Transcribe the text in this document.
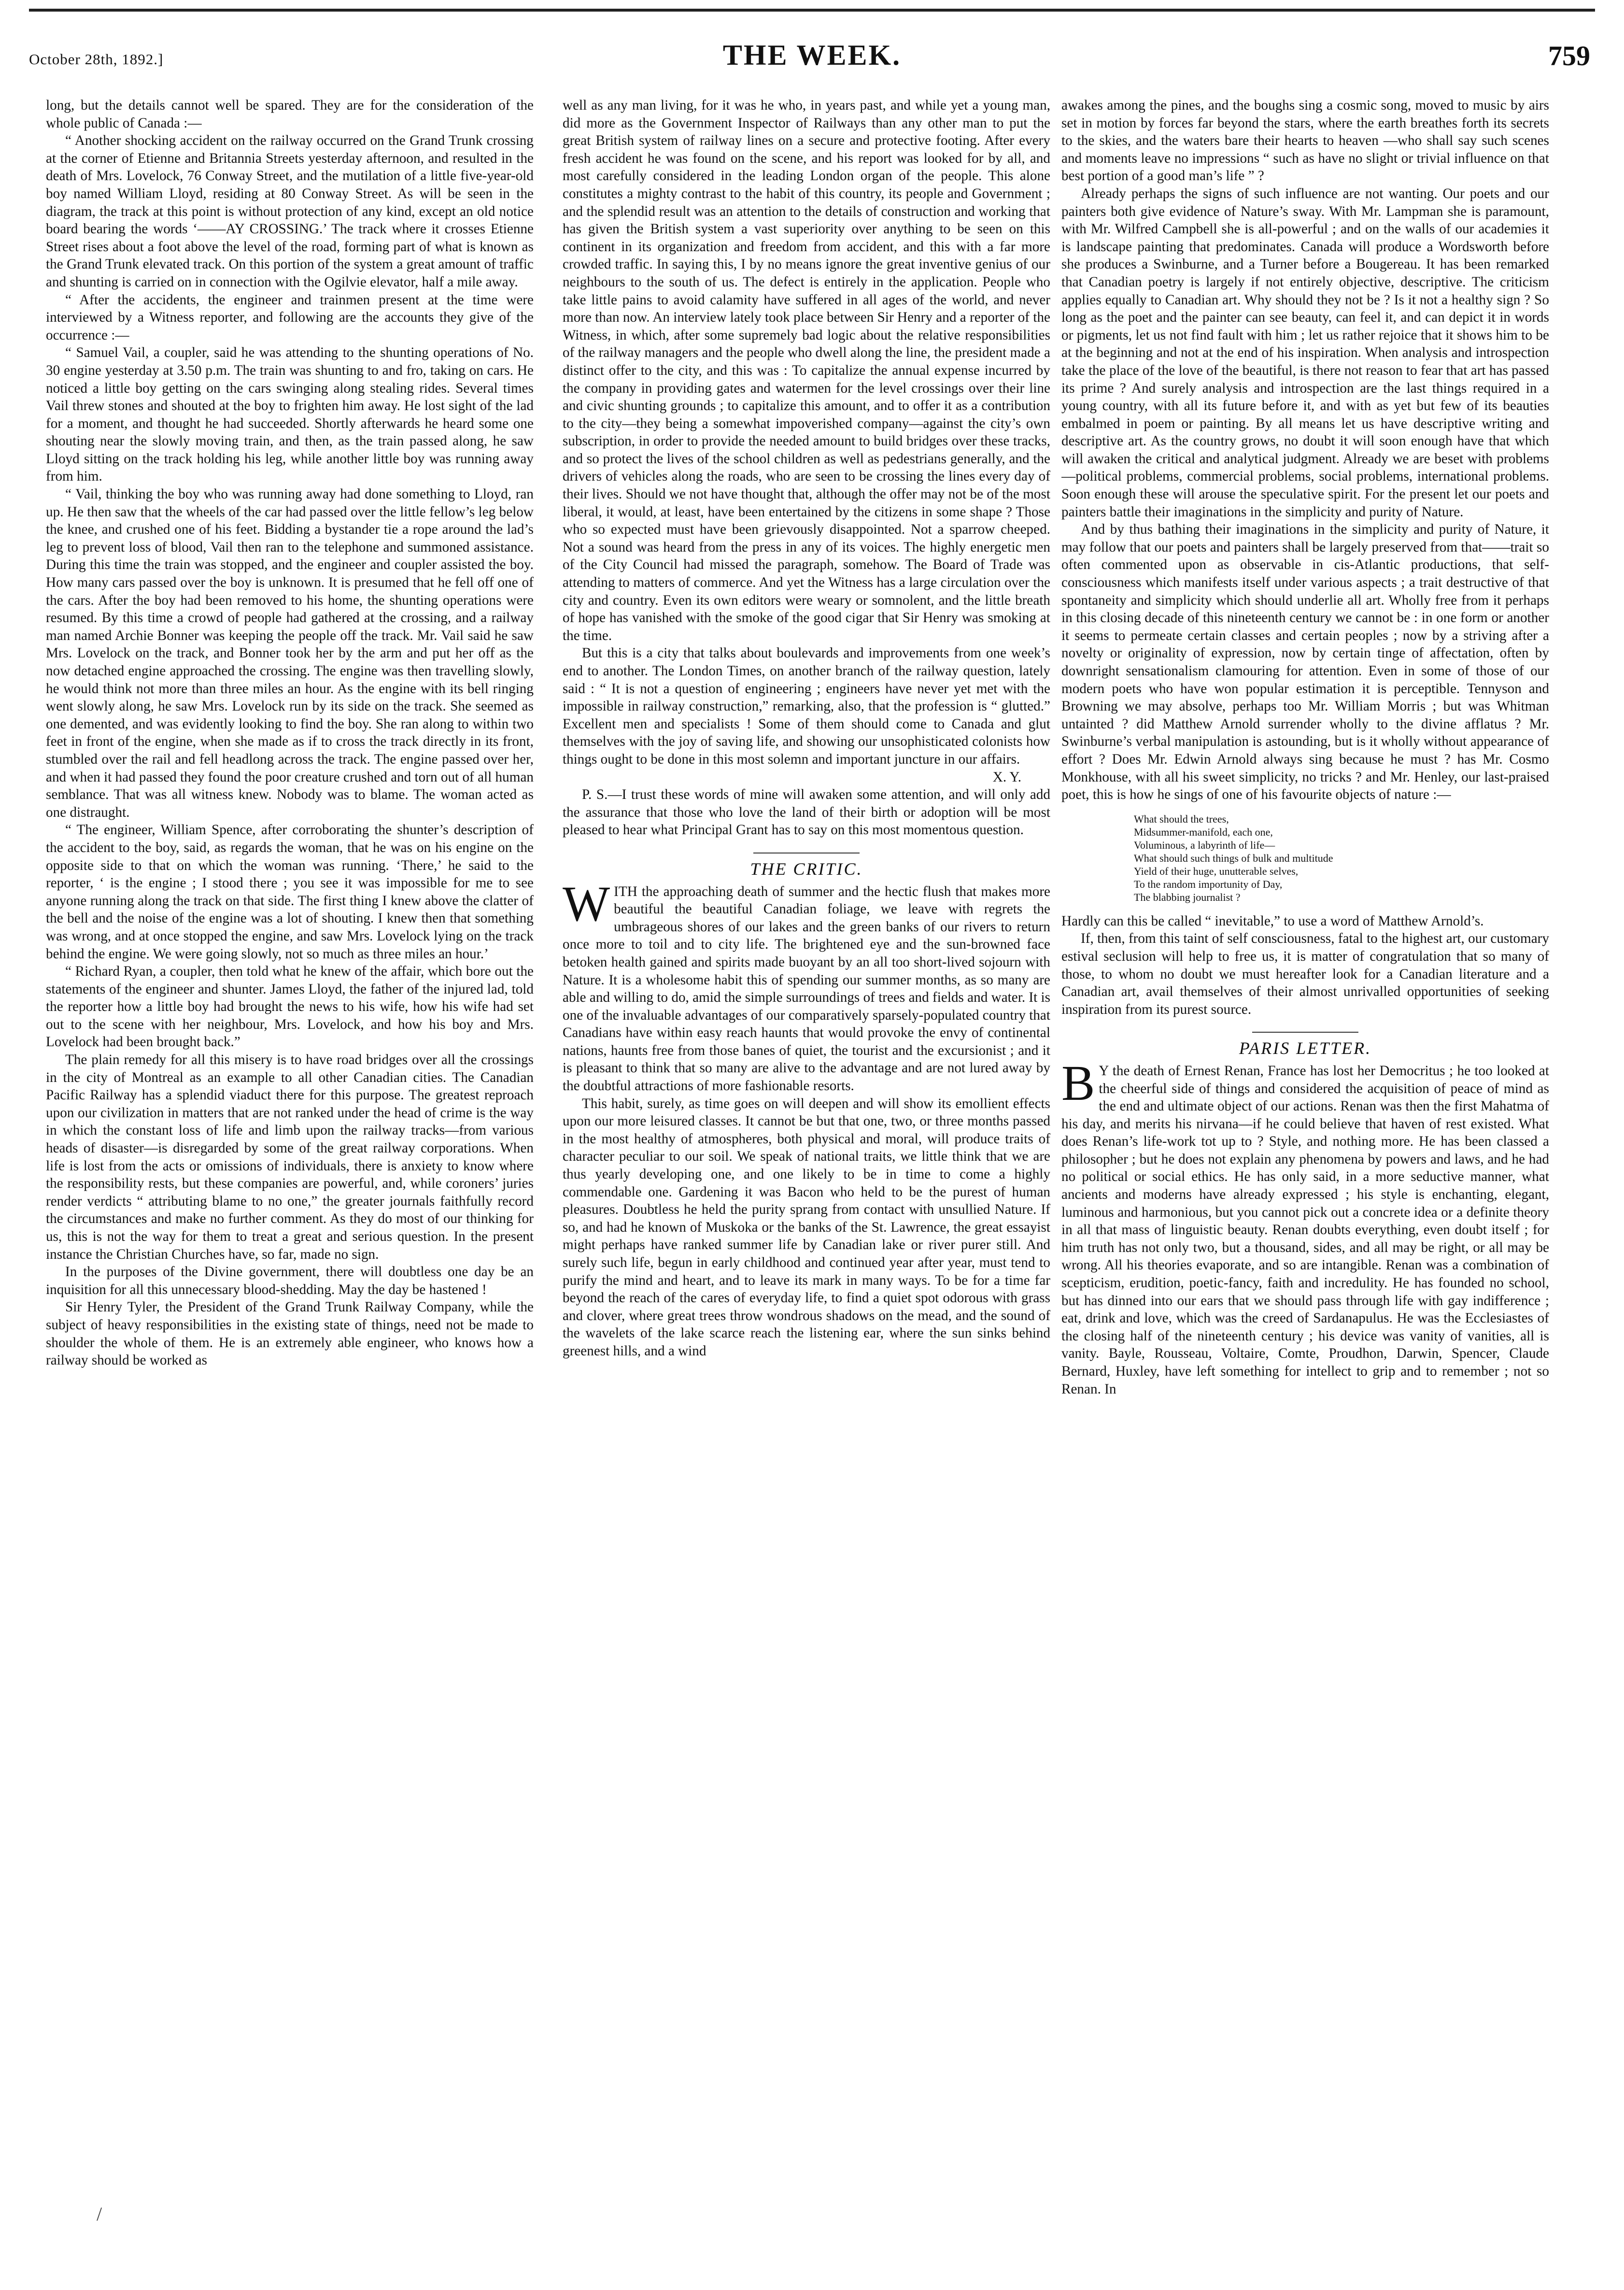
October 28th, 1892.]	THE WEEK.	759

long, but the details cannot well be spared. They are for the consideration of the whole public of Canada :—

“ Another shocking accident on the railway occurred on the Grand Trunk crossing at the corner of Etienne and Britannia Streets yesterday afternoon, and resulted in the death of Mrs. Lovelock, 76 Conway Street, and the mutilation of a little five-year-old boy named William Lloyd, residing at 80 Conway Street. As will be seen in the diagram, the track at this point is without protection of any kind, except an old notice board bearing the words ‘——AY CROSSING.’ The track where it crosses Etienne Street rises about a foot above the level of the road, forming part of what is known as the Grand Trunk elevated track. On this portion of the system a great amount of traffic and shunting is carried on in connection with the Ogilvie elevator, half a mile away.

“ After the accidents, the engineer and trainmen present at the time were interviewed by a Witness reporter, and following are the accounts they give of the occurrence :—

“ Samuel Vail, a coupler, said he was attending to the shunting operations of No. 30 engine yesterday at 3.50 p.m. The train was shunting to and fro, taking on cars. He noticed a little boy getting on the cars swinging along stealing rides. Several times Vail threw stones and shouted at the boy to frighten him away. He lost sight of the lad for a moment, and thought he had succeeded. Shortly afterwards he heard some one shouting near the slowly moving train, and then, as the train passed along, he saw Lloyd sitting on the track holding his leg, while another little boy was running away from him.

“ Vail, thinking the boy who was running away had done something to Lloyd, ran up. He then saw that the wheels of the car had passed over the little fellow’s leg below the knee, and crushed one of his feet. Bidding a bystander tie a rope around the lad’s leg to prevent loss of blood, Vail then ran to the telephone and summoned assistance. During this time the train was stopped, and the engineer and coupler assisted the boy. How many cars passed over the boy is unknown. It is presumed that he fell off one of the cars. After the boy had been removed to his home, the shunting operations were resumed. By this time a crowd of people had gathered at the crossing, and a railway man named Archie Bonner was keeping the people off the track. Mr. Vail said he saw Mrs. Lovelock on the track, and Bonner took her by the arm and put her off as the now detached engine approached the crossing. The engine was then travelling slowly, he would think not more than three miles an hour. As the engine with its bell ringing went slowly along, he saw Mrs. Lovelock run by its side on the track. She seemed as one demented, and was evidently looking to find the boy. She ran along to within two feet in front of the engine, when she made as if to cross the track directly in its front, stumbled over the rail and fell headlong across the track. The engine passed over her, and when it had passed they found the poor creature crushed and torn out of all human semblance. That was all witness knew. Nobody was to blame. The woman acted as one distraught.

“ The engineer, William Spence, after corroborating the shunter’s description of the accident to the boy, said, as regards the woman, that he was on his engine on the opposite side to that on which the woman was running. ‘There,’ he said to the reporter, ‘ is the engine ; I stood there ; you see it was impossible for me to see anyone running along the track on that side. The first thing I knew above the clatter of the bell and the noise of the engine was a lot of shouting. I knew then that something was wrong, and at once stopped the engine, and saw Mrs. Lovelock lying on the track behind the engine. We were going slowly, not so much as three miles an hour.’

“ Richard Ryan, a coupler, then told what he knew of the affair, which bore out the statements of the engineer and shunter. James Lloyd, the father of the injured lad, told the reporter how a little boy had brought the news to his wife, how his wife had set out to the scene with her neighbour, Mrs. Lovelock, and how his boy and Mrs. Lovelock had been brought back.”

The plain remedy for all this misery is to have road bridges over all the crossings in the city of Montreal as an example to all other Canadian cities. The Canadian Pacific Railway has a splendid viaduct there for this purpose. The greatest reproach upon our civilization in matters that are not ranked under the head of crime is the way in which the constant loss of life and limb upon the railway tracks—from various heads of disaster—is disregarded by some of the great railway corporations. When life is lost from the acts or omissions of individuals, there is anxiety to know where the responsibility rests, but these companies are powerful, and, while coroners’ juries render verdicts “ attributing blame to no one,” the greater journals faithfully record the circumstances and make no further comment. As they do most of our thinking for us, this is not the way for them to treat a great and serious question. In the present instance the Christian Churches have, so far, made no sign.

In the purposes of the Divine government, there will doubtless one day be an inquisition for all this unnecessary blood-shedding. May the day be hastened !

Sir Henry Tyler, the President of the Grand Trunk Railway Company, while the subject of heavy responsibilities in the existing state of things, need not be made to shoulder the whole of them. He is an extremely able engineer, who knows how a railway should be worked as

well as any man living, for it was he who, in years past, and while yet a young man, did more as the Government Inspector of Railways than any other man to put the great British system of railway lines on a secure and protective footing. After every fresh accident he was found on the scene, and his report was looked for by all, and most carefully considered in the leading London organ of the people. This alone constitutes a mighty contrast to the habit of this country, its people and Government ; and the splendid result was an attention to the details of construction and working that has given the British system a vast superiority over anything to be seen on this continent in its organization and freedom from accident, and this with a far more crowded traffic. In saying this, I by no means ignore the great inventive genius of our neighbours to the south of us. The defect is entirely in the application. People who take little pains to avoid calamity have suffered in all ages of the world, and never more than now. An interview lately took place between Sir Henry and a reporter of the Witness, in which, after some supremely bad logic about the relative responsibilities of the railway managers and the people who dwell along the line, the president made a distinct offer to the city, and this was : To capitalize the annual expense incurred by the company in providing gates and watermen for the level crossings over their line and civic shunting grounds ; to capitalize this amount, and to offer it as a contribution to the city—they being a somewhat impoverished company—against the city’s own subscription, in order to provide the needed amount to build bridges over these tracks, and so protect the lives of the school children as well as pedestrians generally, and the drivers of vehicles along the roads, who are seen to be crossing the lines every day of their lives. Should we not have thought that, although the offer may not be of the most liberal, it would, at least, have been entertained by the citizens in some shape ? Those who so expected must have been grievously disappointed. Not a sparrow cheeped. Not a sound was heard from the press in any of its voices. The highly energetic men of the City Council had missed the paragraph, somehow. The Board of Trade was attending to matters of commerce. And yet the Witness has a large circulation over the city and country. Even its own editors were weary or somnolent, and the little breath of hope has vanished with the smoke of the good cigar that Sir Henry was smoking at the time.

But this is a city that talks about boulevards and improvements from one week’s end to another. The London Times, on another branch of the railway question, lately said : “ It is not a question of engineering ; engineers have never yet met with the impossible in railway construction,” remarking, also, that the profession is “ glutted.” Excellent men and specialists ! Some of them should come to Canada and glut themselves with the joy of saving life, and showing our unsophisticated colonists how things ought to be done in this most solemn and important juncture in our affairs.

X. Y.

P. S.—I trust these words of mine will awaken some attention, and will only add the assurance that those who love the land of their birth or adoption will be most pleased to hear what Principal Grant has to say on this most momentous question.

THE CRITIC.

WITH the approaching death of summer and the hectic flush that makes more beautiful the beautiful Canadian foliage, we leave with regrets the umbrageous shores of our lakes and the green banks of our rivers to return once more to toil and to city life. The brightened eye and the sun-browned face betoken health gained and spirits made buoyant by an all too short-lived sojourn with Nature. It is a wholesome habit this of spending our summer months, as so many are able and willing to do, amid the simple surroundings of trees and fields and water. It is one of the invaluable advantages of our comparatively sparsely-populated country that Canadians have within easy reach haunts that would provoke the envy of continental nations, haunts free from those banes of quiet, the tourist and the excursionist ; and it is pleasant to think that so many are alive to the advantage and are not lured away by the doubtful attractions of more fashionable resorts.

This habit, surely, as time goes on will deepen and will show its emollient effects upon our more leisured classes. It cannot be but that one, two, or three months passed in the most healthy of atmospheres, both physical and moral, will produce traits of character peculiar to our soil. We speak of national traits, we little think that we are thus yearly developing one, and one likely to be in time to come a highly commendable one. Gardening it was Bacon who held to be the purest of human pleasures. Doubtless he held the purity sprang from contact with unsullied Nature. If so, and had he known of Muskoka or the banks of the St. Lawrence, the great essayist might perhaps have ranked summer life by Canadian lake or river purer still. And surely such life, begun in early childhood and continued year after year, must tend to purify the mind and heart, and to leave its mark in many ways. To be for a time far beyond the reach of the cares of everyday life, to find a quiet spot odorous with grass and clover, where great trees throw wondrous shadows on the mead, and the sound of the wavelets of the lake scarce reach the listening ear, where the sun sinks behind greenest hills, and a wind

awakes among the pines, and the boughs sing a cosmic song, moved to music by airs set in motion by forces far beyond the stars, where the earth breathes forth its secrets to the skies, and the waters bare their hearts to heaven —who shall say such scenes and moments leave no impressions “ such as have no slight or trivial influence on that best portion of a good man’s life ” ?

Already perhaps the signs of such influence are not wanting. Our poets and our painters both give evidence of Nature’s sway. With Mr. Lampman she is paramount, with Mr. Wilfred Campbell she is all-powerful ; and on the walls of our academies it is landscape painting that predominates. Canada will produce a Wordsworth before she produces a Swinburne, and a Turner before a Bougereau. It has been remarked that Canadian poetry is largely if not entirely objective, descriptive. The criticism applies equally to Canadian art. Why should they not be ? Is it not a healthy sign ? So long as the poet and the painter can see beauty, can feel it, and can depict it in words or pigments, let us not find fault with him ; let us rather rejoice that it shows him to be at the beginning and not at the end of his inspiration. When analysis and introspection take the place of the love of the beautiful, is there not reason to fear that art has passed its prime ? And surely analysis and introspection are the last things required in a young country, with all its future before it, and with as yet but few of its beauties embalmed in poem or painting. By all means let us have descriptive writing and descriptive art. As the country grows, no doubt it will soon enough have that which will awaken the critical and analytical judgment. Already we are beset with problems—political problems, commercial problems, social problems, international problems. Soon enough these will arouse the speculative spirit. For the present let our poets and painters battle their imaginations in the simplicity and purity of Nature.

And by thus bathing their imaginations in the simplicity and purity of Nature, it may follow that our poets and painters shall be largely preserved from that——trait so often commented upon as observable in cis-Atlantic productions, that self-consciousness which manifests itself under various aspects ; a trait destructive of that spontaneity and simplicity which should underlie all art. Wholly free from it perhaps in this closing decade of this nineteenth century we cannot be : in one form or another it seems to permeate certain classes and certain peoples ; now by a striving after a novelty or originality of expression, now by certain tinge of affectation, often by downright sensationalism clamouring for attention. Even in some of those of our modern poets who have won popular estimation it is perceptible. Tennyson and Browning we may absolve, perhaps too Mr. William Morris ; but was Whitman untainted ? did Matthew Arnold surrender wholly to the divine afflatus ? Mr. Swinburne’s verbal manipulation is astounding, but is it wholly without appearance of effort ? Does Mr. Edwin Arnold always sing because he must ? has Mr. Cosmo Monkhouse, with all his sweet simplicity, no tricks ? and Mr. Henley, our last-praised poet, this is how he sings of one of his favourite objects of nature :—

What should the trees,
Midsummer-manifold, each one,
Voluminous, a labyrinth of life—
What should such things of bulk and multitude
Yield of their huge, unutterable selves,
To the random importunity of Day,
The blabbing journalist ?

Hardly can this be called “ inevitable,” to use a word of Matthew Arnold’s.

If, then, from this taint of self consciousness, fatal to the highest art, our customary estival seclusion will help to free us, it is matter of congratulation that so many of those, to whom no doubt we must hereafter look for a Canadian literature and a Canadian art, avail themselves of their almost unrivalled opportunities of seeking inspiration from its purest source.

PARIS LETTER.

B Y the death of Ernest Renan, France has lost her Democritus ; he too looked at the cheerful side of things and considered the acquisition of peace of mind as the end and ultimate object of our actions. Renan was then the first Mahatma of his day, and merits his nirvana—if he could believe that haven of rest existed. What does Renan’s life-work tot up to ? Style, and nothing more. He has been classed a philosopher ; but he does not explain any phenomena by powers and laws, and he had no political or social ethics. He has only said, in a more seductive manner, what ancients and moderns have already expressed ; his style is enchanting, elegant, luminous and harmonious, but you cannot pick out a concrete idea or a definite theory in all that mass of linguistic beauty. Renan doubts everything, even doubt itself ; for him truth has not only two, but a thousand, sides, and all may be right, or all may be wrong. All his theories evaporate, and so are intangible. Renan was a combination of scepticism, erudition, poetic-fancy, faith and incredulity. He has founded no school, but has dinned into our ears that we should pass through life with gay indifference ; eat, drink and love, which was the creed of Sardanapulus. He was the Ecclesiastes of the closing half of the nineteenth century ; his device was vanity of vanities, all is vanity. Bayle, Rousseau, Voltaire, Comte, Proudhon, Darwin, Spencer, Claude Bernard, Huxley, have left something for intellect to grip and to remember ; not so Renan. In

/
